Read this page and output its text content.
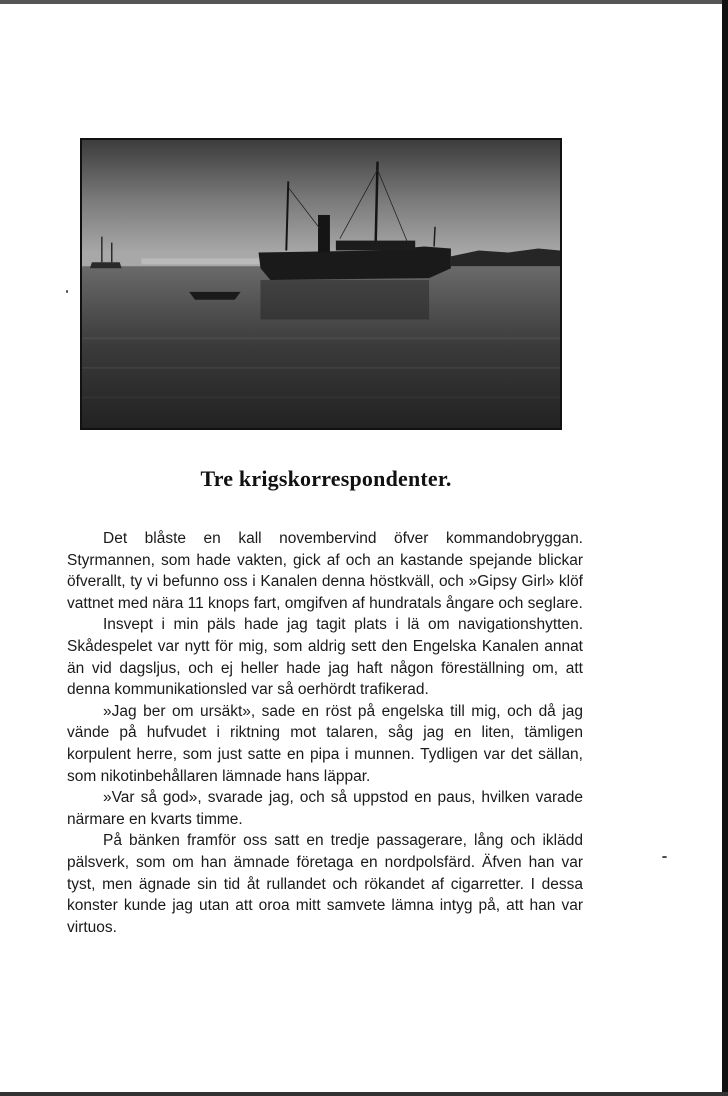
Tre krigskorrespondenter.

Det blåste en kall novembervind öfver kommandobryggan. Styrmannen, som hade vakten, gick af och an kastande spejande blickar öfverallt, ty vi befunno oss i Kanalen denna höstkväll, och »Gipsy Girl» klöf vattnet med nära 11 knops fart, omgifven af hundratals ångare och seglare.

Insvept i min päls hade jag tagit plats i lä om navigationshytten. Skådespelet var nytt för mig, som aldrig sett den Engelska Kanalen annat än vid dagsljus, och ej heller hade jag haft någon föreställning om, att denna kommunikationsled var så oerhördt trafikerad.

»Jag ber om ursäkt», sade en röst på engelska till mig, och då jag vände på hufvudet i riktning mot talaren, såg jag en liten, tämligen korpulent herre, som just satte en pipa i munnen. Tydligen var det sällan, som nikotinbehållaren lämnade hans läppar.

»Var så god», svarade jag, och så uppstod en paus, hvilken varade närmare en kvarts timme.

På bänken framför oss satt en tredje passagerare, lång och iklädd pälsverk, som om han ämnade företaga en nordpolsfärd. Äfven han var tyst, men ägnade sin tid åt rullandet och rökandet af cigarretter. I dessa konster kunde jag utan att oroa mitt samvete lämna intyg på, att han var virtuos.
